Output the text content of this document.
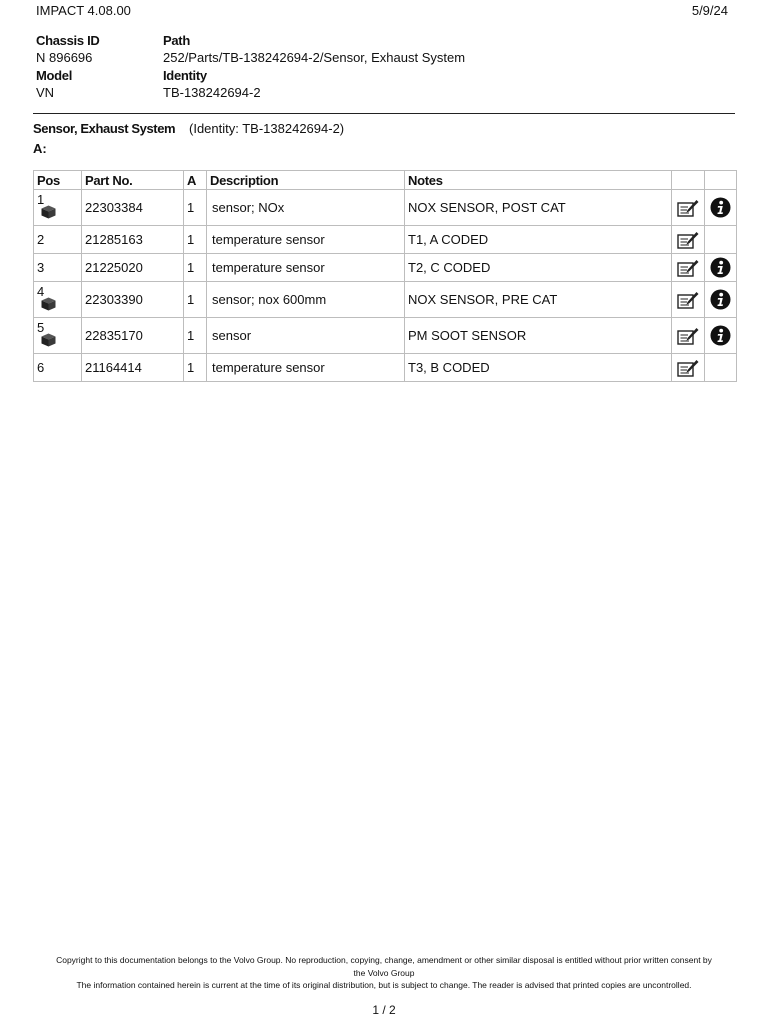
IMPACT 4.08.00	5/9/24
Chassis ID
N 896696
Model
VN
Path
252/Parts/TB-138242694-2/Sensor, Exhaust System
Identity
TB-138242694-2
Sensor, Exhaust System (Identity: TB-138242694-2)
A:
Pos	Part No.	A	Description	Notes		
1	22303384	1	sensor; NOx	NOX SENSOR, POST CAT		
2	21285163	1	temperature sensor	T1, A CODED		
3	21225020	1	temperature sensor	T2, C CODED		
4	22303390	1	sensor; nox 600mm	NOX SENSOR, PRE CAT		
5	22835170	1	sensor	PM SOOT SENSOR		
6	21164414	1	temperature sensor	T3, B CODED		
Copyright to this documentation belongs to the Volvo Group. No reproduction, copying, change, amendment or other similar disposal is entitled without prior written consent by
the Volvo Group
The information contained herein is current at the time of its original distribution, but is subject to change. The reader is advised that printed copies are uncontrolled.
1 / 2
